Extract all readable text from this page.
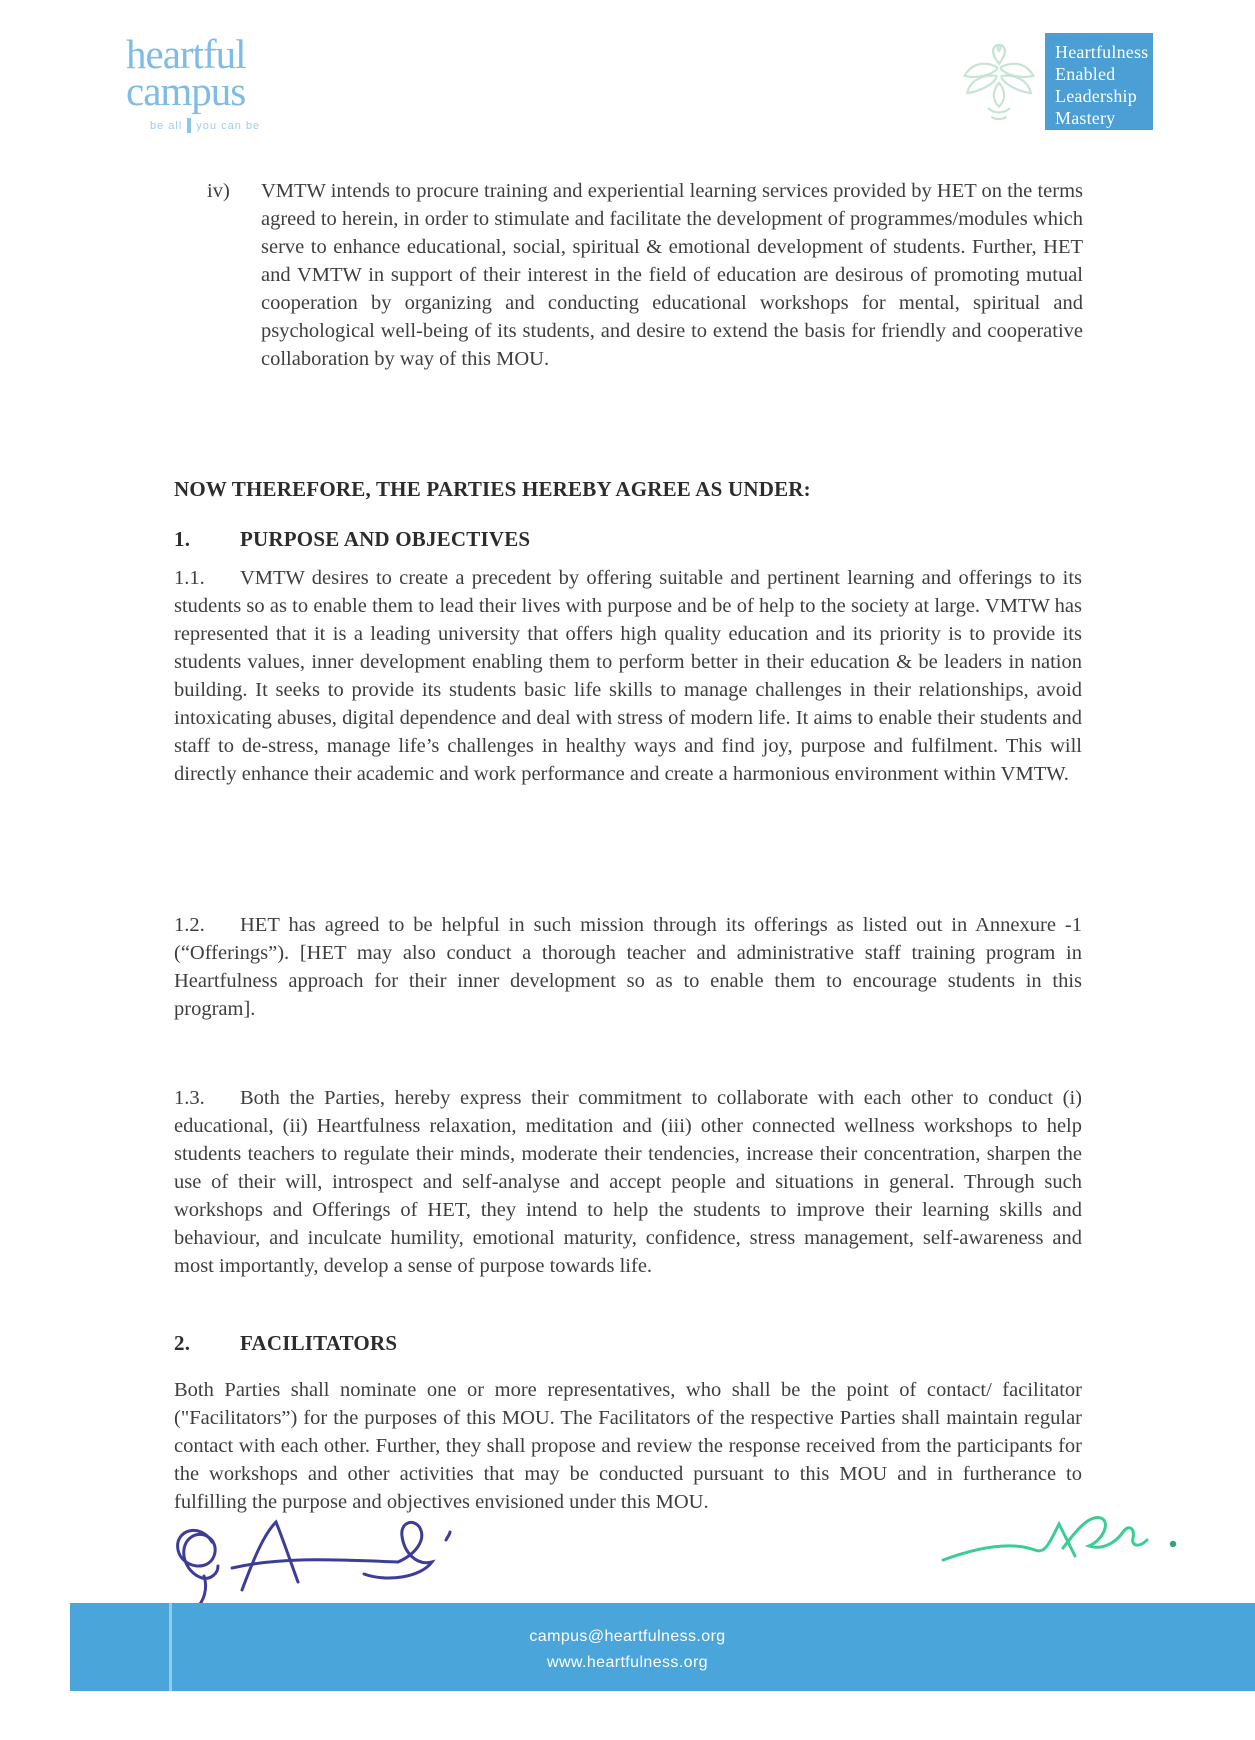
heartful
campus
be all you can be
Heartfulness
Enabled
Leadership
Mastery
iv)	VMTW intends to procure training and experiential learning services provided by HET on the terms agreed to herein, in order to stimulate and facilitate the development of programmes/modules which serve to enhance educational, social, spiritual & emotional development of students. Further, HET and VMTW in support of their interest in the field of education are desirous of promoting mutual cooperation by organizing and conducting educational workshops for mental, spiritual and psychological well-being of its students, and desire to extend the basis for friendly and cooperative collaboration by way of this MOU.
NOW THEREFORE, THE PARTIES HEREBY AGREE AS UNDER:
1. PURPOSE AND OBJECTIVES
1.1. VMTW desires to create a precedent by offering suitable and pertinent learning and offerings to its students so as to enable them to lead their lives with purpose and be of help to the society at large. VMTW has represented that it is a leading university that offers high quality education and its priority is to provide its students values, inner development enabling them to perform better in their education & be leaders in nation building. It seeks to provide its students basic life skills to manage challenges in their relationships, avoid intoxicating abuses, digital dependence and deal with stress of modern life. It aims to enable their students and staff to de-stress, manage life’s challenges in healthy ways and find joy, purpose and fulfilment. This will directly enhance their academic and work performance and create a harmonious environment within VMTW.
1.2. HET has agreed to be helpful in such mission through its offerings as listed out in Annexure -1 (“Offerings”). [HET may also conduct a thorough teacher and administrative staff training program in Heartfulness approach for their inner development so as to enable them to encourage students in this program].
1.3. Both the Parties, hereby express their commitment to collaborate with each other to conduct (i) educational, (ii) Heartfulness relaxation, meditation and (iii) other connected wellness workshops to help students teachers to regulate their minds, moderate their tendencies, increase their concentration, sharpen the use of their will, introspect and self-analyse and accept people and situations in general. Through such workshops and Offerings of HET, they intend to help the students to improve their learning skills and behaviour, and inculcate humility, emotional maturity, confidence, stress management, self-awareness and most importantly, develop a sense of purpose towards life.
2. FACILITATORS
Both Parties shall nominate one or more representatives, who shall be the point of contact/ facilitator ("Facilitators”) for the purposes of this MOU. The Facilitators of the respective Parties shall maintain regular contact with each other. Further, they shall propose and review the response received from the participants for the workshops and other activities that may be conducted pursuant to this MOU and in furtherance to fulfilling the purpose and objectives envisioned under this MOU.
campus@heartfulness.org
www.heartfulness.org
